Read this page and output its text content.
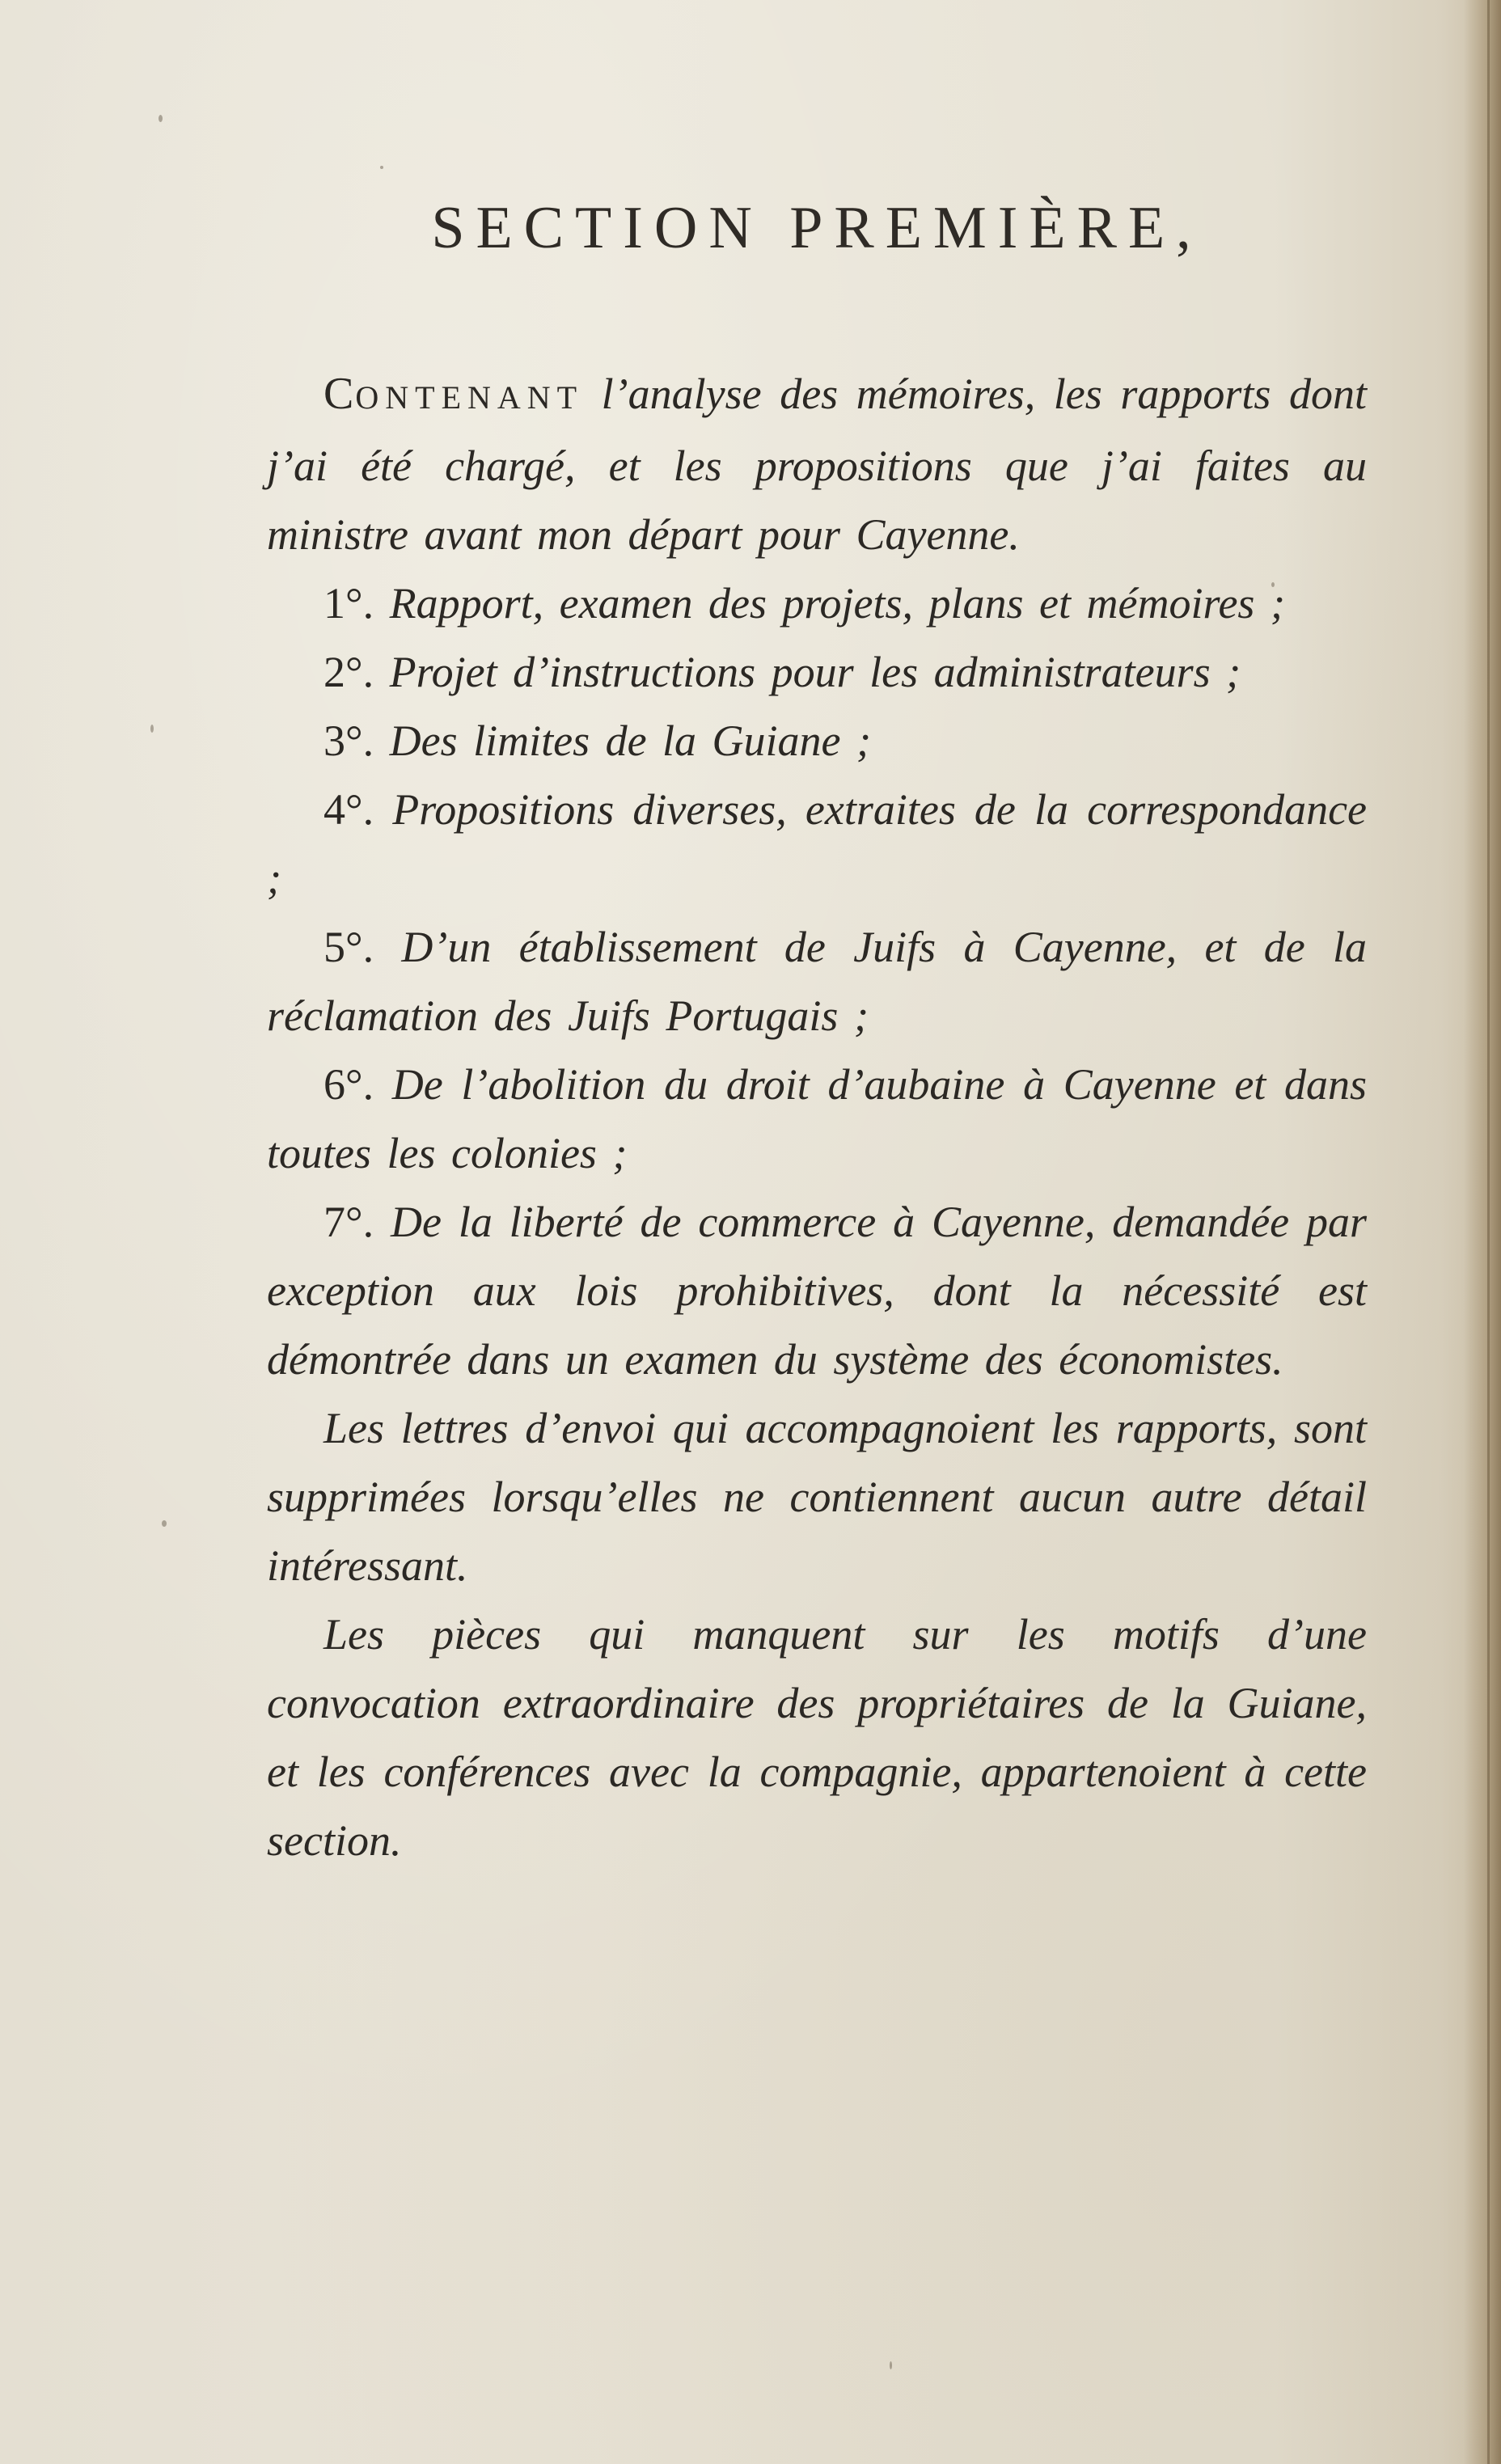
SECTION PREMIÈRE,

CONTENANT l’analyse des mémoires, les rapports dont j’ai été chargé, et les propositions que j’ai faites au ministre avant mon départ pour Cayenne.

1°. Rapport, examen des projets, plans et mémoires ;

2°. Projet d’instructions pour les administrateurs ;

3°. Des limites de la Guiane ;

4°. Propositions diverses, extraites de la correspondance ;

5°. D’un établissement de Juifs à Cayenne, et de la réclamation des Juifs Portugais ;

6°. De l’abolition du droit d’aubaine à Cayenne et dans toutes les colonies ;

7°. De la liberté de commerce à Cayenne, demandée par exception aux lois prohibitives, dont la nécessité est démontrée dans un examen du système des économistes.

Les lettres d’envoi qui accompagnoient les rapports, sont supprimées lorsqu’elles ne contiennent aucun autre détail intéressant.

Les pièces qui manquent sur les motifs d’une convocation extraordinaire des propriétaires de la Guiane, et les conférences avec la compagnie, appartenoient à cette section.
